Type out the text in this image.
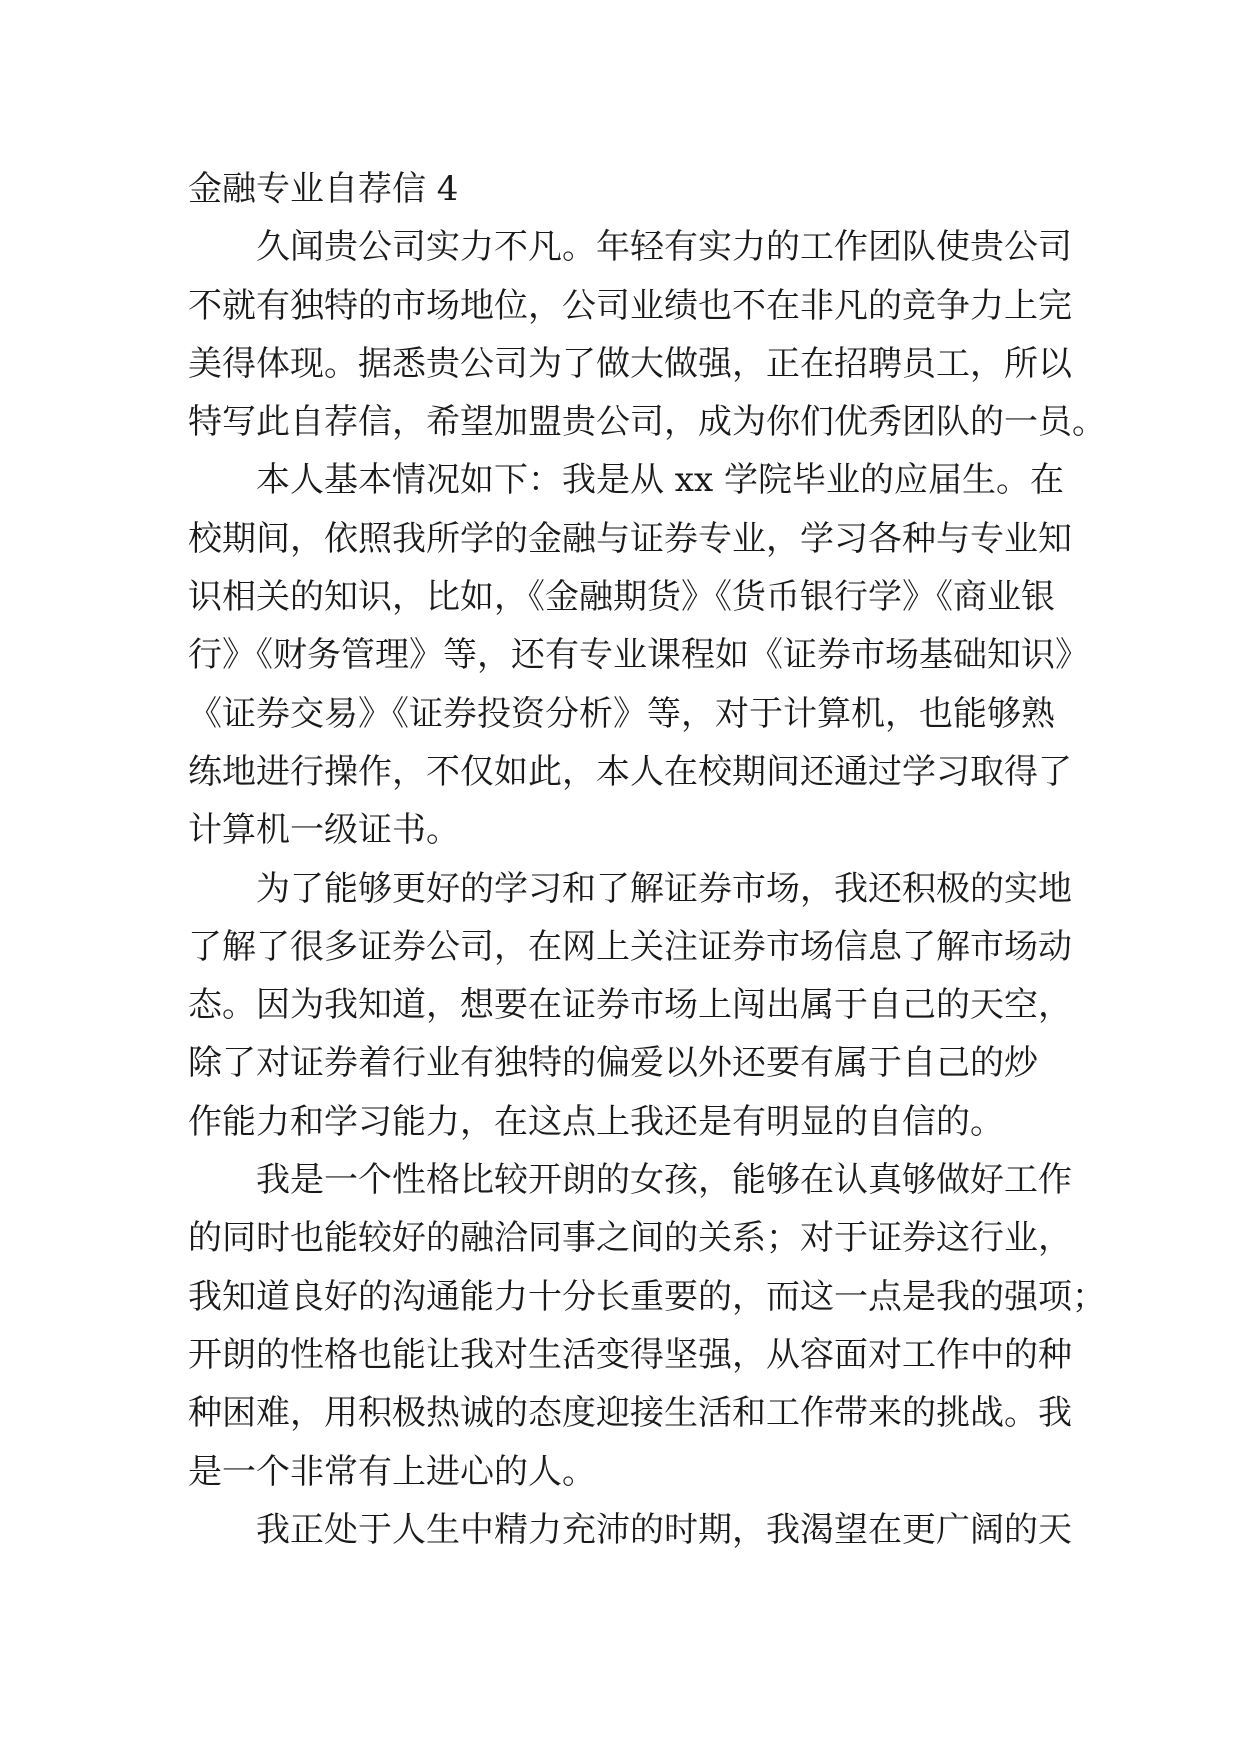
金融专业自荐信 4
久闻贵公司实力不凡。年轻有实力的工作团队使贵公司
不就有独特的市场地位，公司业绩也不在非凡的竞争力上完
美得体现。据悉贵公司为了做大做强，正在招聘员工，所以
特写此自荐信，希望加盟贵公司，成为你们优秀团队的一员。
本人基本情况如下：我是从 xx 学院毕业的应届生。在
校期间，依照我所学的金融与证券专业，学习各种与专业知
识相关的知识，比如，《金融期货》《货币银行学》《商业银
行》《财务管理》等，还有专业课程如《证券市场基础知识》
《证券交易》《证券投资分析》等，对于计算机，也能够熟
练地进行操作，不仅如此，本人在校期间还通过学习取得了
计算机一级证书。
为了能够更好的学习和了解证券市场，我还积极的实地
了解了很多证券公司，在网上关注证券市场信息了解市场动
态。因为我知道，想要在证券市场上闯出属于自己的天空，
除了对证券着行业有独特的偏爱以外还要有属于自己的炒
作能力和学习能力，在这点上我还是有明显的自信的。
我是一个性格比较开朗的女孩，能够在认真够做好工作
的同时也能较好的融洽同事之间的关系；对于证券这行业，
我知道良好的沟通能力十分长重要的，而这一点是我的强项；
开朗的性格也能让我对生活变得坚强，从容面对工作中的种
种困难，用积极热诚的态度迎接生活和工作带来的挑战。我
是一个非常有上进心的人。
我正处于人生中精力充沛的时期，我渴望在更广阔的天
